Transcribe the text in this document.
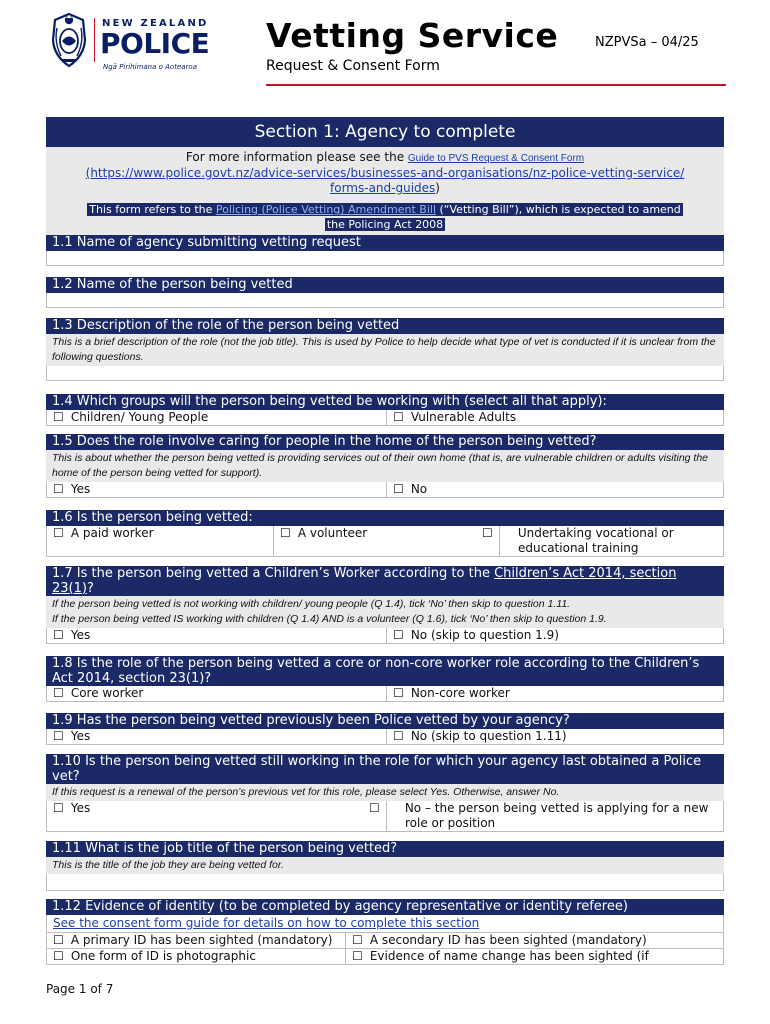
NEW ZEALAND
POLICE
Ngā Pirihimana o Aotearoa
Vetting Service	NZPVSa – 04/25
Request & Consent Form
Section 1: Agency to complete
For more information please see the Guide to PVS Request & Consent Form
(https://www.police.govt.nz/advice-services/businesses-and-organisations/nz-police-vetting-service/
forms-and-guides)
This form refers to the Policing (Police Vetting) Amendment Bill (“Vetting Bill”), which is expected to amend
the Policing Act 2008
1.1 Name of agency submitting vetting request
1.2 Name of the person being vetted
1.3 Description of the role of the person being vetted
This is a brief description of the role (not the job title). This is used by Police to help decide what type of vet is conducted if it is unclear from the following questions.
1.4 Which groups will the person being vetted be working with (select all that apply):
☐ Children/ Young People	☐ Vulnerable Adults
1.5 Does the role involve caring for people in the home of the person being vetted?
This is about whether the person being vetted is providing services out of their own home (that is, are vulnerable children or adults visiting the home of the person being vetted for support).
☐ Yes	☐ No
1.6 Is the person being vetted:
☐ A paid worker	☐ A volunteer	☐ Undertaking vocational or educational training
1.7 Is the person being vetted a Children’s Worker according to the Children’s Act 2014, section 23(1)?
If the person being vetted is not working with children/ young people (Q 1.4), tick ‘No’ then skip to question 1.11.
If the person being vetted IS working with children (Q 1.4) AND is a volunteer (Q 1.6), tick ‘No’ then skip to question 1.9.
☐ Yes	☐ No (skip to question 1.9)
1.8 Is the role of the person being vetted a core or non-core worker role according to the Children’s Act 2014, section 23(1)?
☐ Core worker	☐ Non-core worker
1.9 Has the person being vetted previously been Police vetted by your agency?
☐ Yes	☐ No (skip to question 1.11)
1.10 Is the person being vetted still working in the role for which your agency last obtained a Police vet?
If this request is a renewal of the person’s previous vet for this role, please select Yes. Otherwise, answer No.
☐ Yes	☐ No – the person being vetted is applying for a new role or position
1.11 What is the job title of the person being vetted?
This is the title of the job they are being vetted for.
1.12 Evidence of identity (to be completed by agency representative or identity referee)
See the consent form guide for details on how to complete this section
☐ A primary ID has been sighted (mandatory)	☐ A secondary ID has been sighted (mandatory)
☐ One form of ID is photographic	☐ Evidence of name change has been sighted (if
Page 1 of 7
